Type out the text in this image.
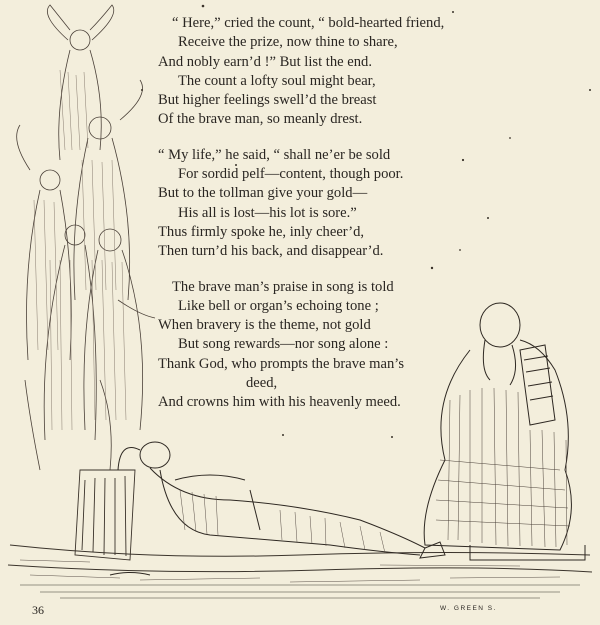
“ Here,” cried the count, “ bold-hearted friend,
Receive the prize, now thine to share,
And nobly earn’d !” But list the end.
The count a lofty soul might bear,
But higher feelings swell’d the breast
Of the brave man, so meanly drest.
“ My life,” he said, “ shall ne’er be sold
For sordid pelf—content, though poor.
But to the tollman give your gold—
His all is lost—his lot is sore.”
Thus firmly spoke he, inly cheer’d,
Then turn’d his back, and disappear’d.
The brave man’s praise in song is told
Like bell or organ’s echoing tone ;
When bravery is the theme, not gold
But song rewards—nor song alone :
Thank God, who prompts the brave man’s
deed,
And crowns him with his heavenly meed.
36	W. GREEN S.
